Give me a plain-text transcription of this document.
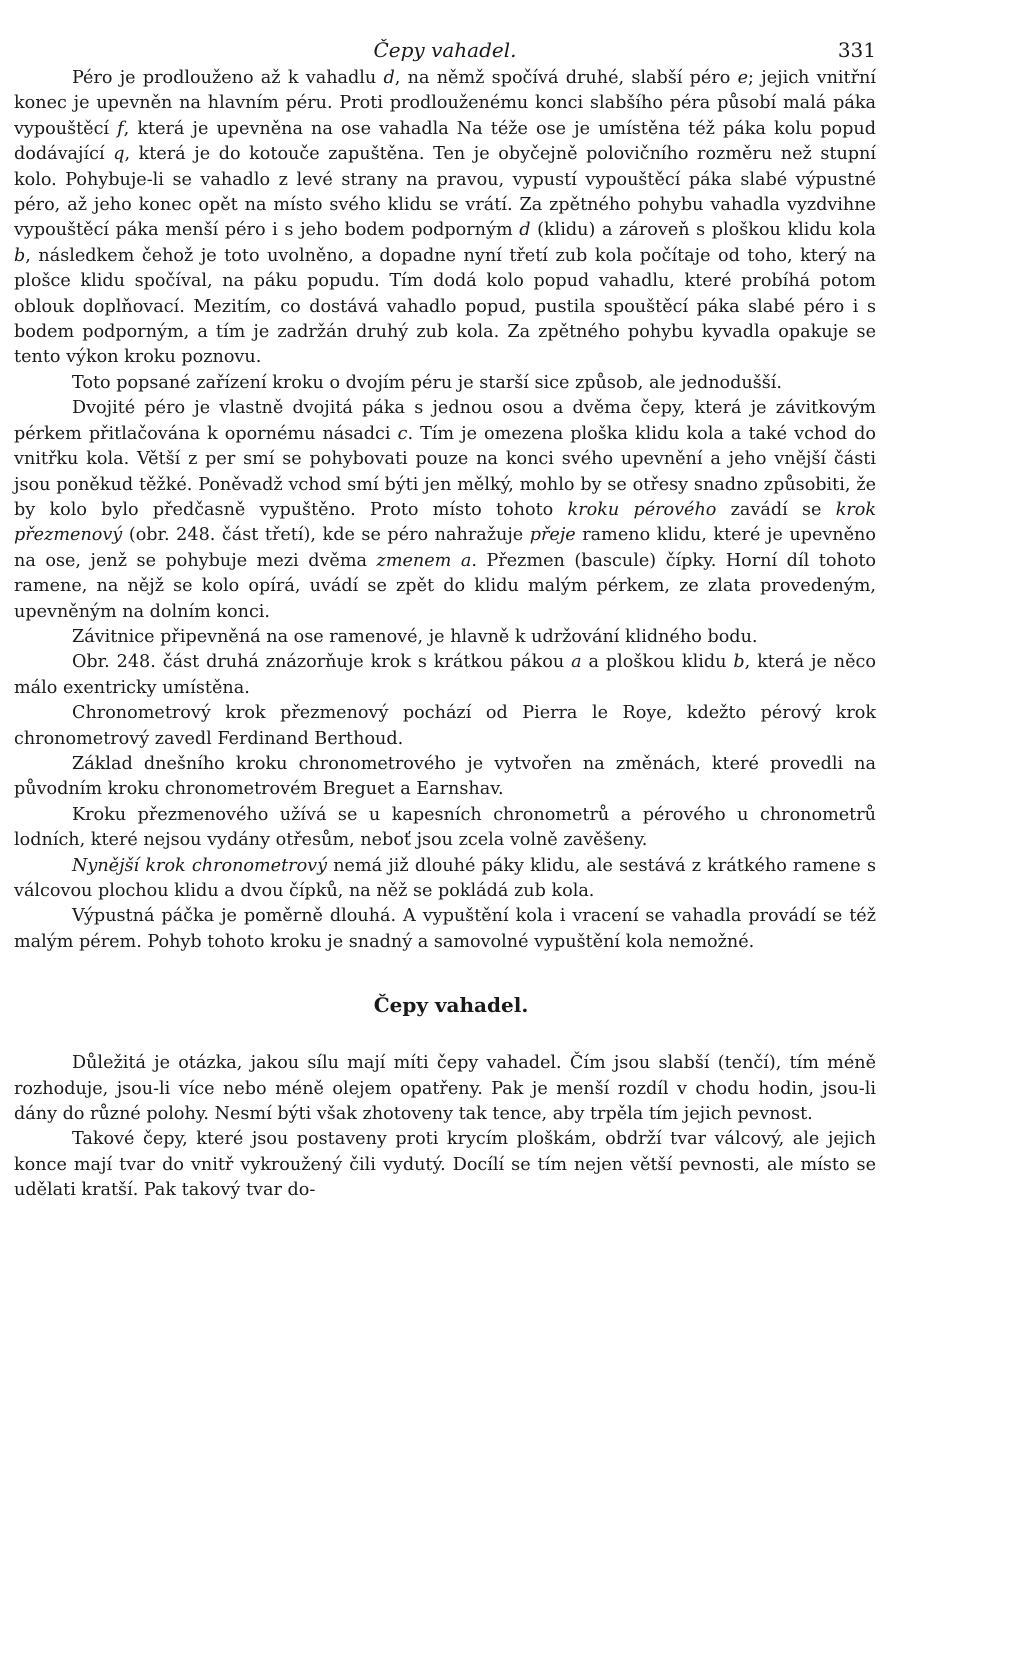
Čepy vahadel.	331

Péro je prodlouženo až k vahadlu d, na němž spočívá druhé, slabší péro e; jejich vnitřní konec je upevněn na hlavním péru. Proti prodlouženému konci slabšího péra působí malá páka vypouštěcí f, která je upevněna na ose vahadla Na téže ose je umístěna též páka kolu popud dodávající q, která je do kotouče zapuštěna. Ten je obyčejně polovičního rozměru než stupní kolo. Pohybuje-li se vahadlo z levé strany na pravou, vypustí vypouštěcí páka slabé výpustné péro, až jeho konec opět na místo svého klidu se vrátí. Za zpětného pohybu vahadla vyzdvihne vypouštěcí páka menší péro i s jeho bodem podporným d (klidu) a zároveň s ploškou klidu kola b, následkem čehož je toto uvolněno, a dopadne nyní třetí zub kola počítaje od toho, který na plošce klidu spočíval, na páku popudu. Tím dodá kolo popud vahadlu, které probíhá potom oblouk doplňovací. Mezitím, co dostává vahadlo popud, pustila spouštěcí páka slabé péro i s bodem podporným, a tím je zadržán druhý zub kola. Za zpětného pohybu kyvadla opakuje se tento výkon kroku poznovu.

Toto popsané zařízení kroku o dvojím péru je starší sice způsob, ale jednodušší.

Dvojité péro je vlastně dvojitá páka s jednou osou a dvěma čepy, která je závitkovým pérkem přitlačována k opornému násadci c. Tím je omezena ploška klidu kola a také vchod do vnitřku kola. Větší z per smí se pohybovati pouze na konci svého upevnění a jeho vnější části jsou poněkud těžké. Poněvadž vchod smí býti jen mělký, mohlo by se otřesy snadno způsobiti, že by kolo bylo předčasně vypuštěno. Proto místo tohoto kroku pérového zavádí se krok přezmenový (obr. 248. část třetí), kde se péro nahražuje přeje rameno klidu, které je upevněno na ose, jenž se pohybuje mezi dvěma zmenem a. Přezmen (bascule) čípky. Horní díl tohoto ramene, na nějž se kolo opírá, uvádí se zpět do klidu malým pérkem, ze zlata provedeným, upevněným na dolním konci.

Závitnice připevněná na ose ramenové, je hlavně k udržování klidného bodu.

Obr. 248. část druhá znázorňuje krok s krátkou pákou a a ploškou klidu b, která je něco málo exentricky umístěna.

Chronometrový krok přezmenový pochází od Pierra le Roye, kdežto pérový krok chronometrový zavedl Ferdinand Berthoud.

Základ dnešního kroku chronometrového je vytvořen na změnách, které provedli na původním kroku chronometrovém Breguet a Earnshav.

Kroku přezmenového užívá se u kapesních chronometrů a pérového u chronometrů lodních, které nejsou vydány otřesům, neboť jsou zcela volně zavěšeny.

Nynější krok chronometrový nemá již dlouhé páky klidu, ale sestává z krátkého ramene s válcovou plochou klidu a dvou čípků, na něž se pokládá zub kola.

Výpustná páčka je poměrně dlouhá. A vypuštění kola i vracení se vahadla provádí se též malým pérem. Pohyb tohoto kroku je snadný a samovolné vypuštění kola nemožné.

Čepy vahadel.

Důležitá je otázka, jakou sílu mají míti čepy vahadel. Čím jsou slabší (tenčí), tím méně rozhoduje, jsou-li více nebo méně olejem opatřeny. Pak je menší rozdíl v chodu hodin, jsou-li dány do různé polohy. Nesmí býti však zhotoveny tak tence, aby trpěla tím jejich pevnost.

Takové čepy, které jsou postaveny proti krycím ploškám, obdrží tvar válcový, ale jejich konce mají tvar do vnitř vykroužený čili vydutý. Docílí se tím nejen větší pevnosti, ale místo se udělati kratší. Pak takový tvar do-
